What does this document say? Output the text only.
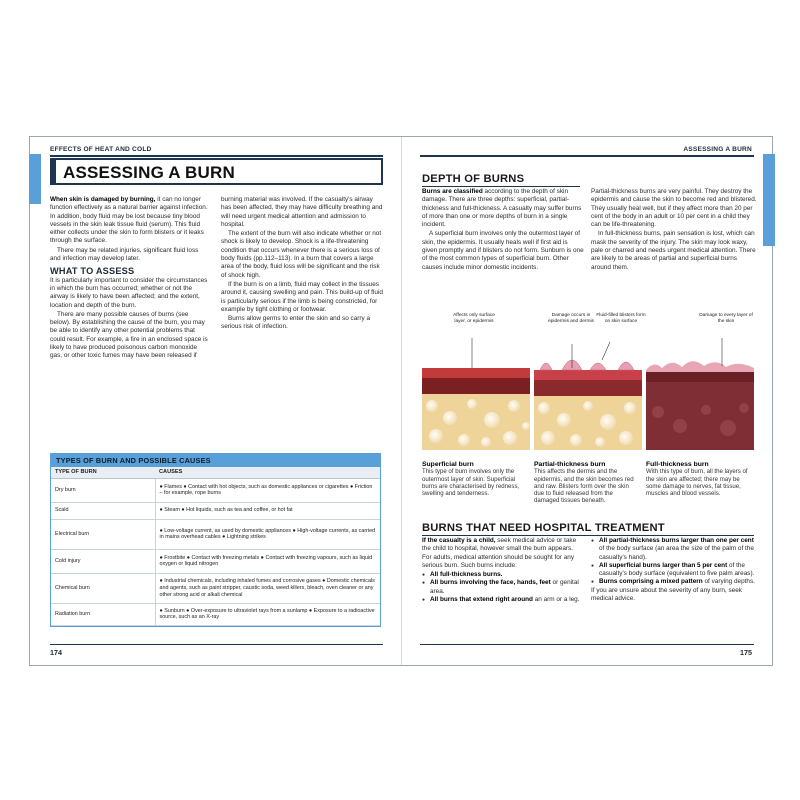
EFFECTS OF HEAT AND COLD
ASSESSING A BURN

When skin is damaged by burning, it can no longer function effectively as a natural barrier against infection. In addition, body fluid may be lost because tiny blood vessels in the skin leak tissue fluid (serum). This fluid either collects under the skin to form blisters or it leaks through the surface.

There may be related injuries, significant fluid loss and infection may develop later.

WHAT TO ASSESS

It is particularly important to consider the circumstances in which the burn has occurred; whether or not the airway is likely to have been affected; and the extent, location and depth of the burn.

There are many possible causes of burns (see below). By establishing the cause of the burn, you may be able to identify any other potential problems that could result. For example, a fire in an enclosed space is likely to have produced poisonous carbon monoxide gas, or other toxic fumes may have been released if

burning material was involved. If the casualty's airway has been affected, they may have difficulty breathing and will need urgent medical attention and admission to hospital.

The extent of the burn will also indicate whether or not shock is likely to develop. Shock is a life-threatening condition that occurs whenever there is a serious loss of body fluids (pp.112–113). In a burn that covers a large area of the body, fluid loss will be significant and the risk of shock high.

If the burn is on a limb, fluid may collect in the tissues around it, causing swelling and pain. This build-up of fluid is particularly serious if the limb is being constricted, for example by tight clothing or footwear.

Burns allow germs to enter the skin and so carry a serious risk of infection.

TYPES OF BURN AND POSSIBLE CAUSES
TYPE OF BURN	CAUSES
Dry burn	● Flames ● Contact with hot objects, such as domestic appliances or cigarettes ● Friction – for example, rope burns
Scald	● Steam ● Hot liquids, such as tea and coffee, or hot fat
Electrical burn	● Low-voltage current, as used by domestic appliances ● High-voltage currents, as carried in mains overhead cables ● Lightning strikes
Cold injury	● Frostbite ● Contact with freezing metals ● Contact with freezing vapours, such as liquid oxygen or liquid nitrogen
Chemical burn	● Industrial chemicals, including inhaled fumes and corrosive gases ● Domestic chemicals and agents, such as paint stripper, caustic soda, weed killers, bleach, oven cleaner or any other strong acid or alkali chemical
Radiation burn	● Sunburn ● Over-exposure to ultraviolet rays from a sunlamp ● Exposure to a radioactive source, such as an X-ray
174
ASSESSING A BURN
DEPTH OF BURNS

Burns are classified according to the depth of skin damage. There are three depths: superficial, partial-thickness and full-thickness. A casualty may suffer burns of more than one or more depths of burn in a single incident.

A superficial burn involves only the outermost layer of skin, the epidermis. It usually heals well if first aid is given promptly and if blisters do not form. Sunburn is one of the most common types of superficial burn. Other causes include minor domestic incidents.

Partial-thickness burns are very painful. They destroy the epidermis and cause the skin to become red and blistered. They usually heal well, but if they affect more than 20 per cent of the body in an adult or 10 per cent in a child they can be life-threatening.

In full-thickness burns, pain sensation is lost, which can mask the severity of the injury. The skin may look waxy, pale or charred and needs urgent medical attention. There are likely to be areas of partial and superficial burns around them.

Affects only surface layer, or epidermis
Damage occurs in epidermis and dermis
Fluid-filled blisters form on skin surface
Damage to every layer of the skin
Superficial burn
This type of burn involves only the outermost layer of skin. Superficial burns are characterised by redness, swelling and tenderness.
Partial-thickness burn
This affects the dermis and the epidermis, and the skin becomes red and raw. Blisters form over the skin due to fluid released from the damaged tissues beneath.
Full-thickness burn
With this type of burn, all the layers of the skin are affected; there may be some damage to nerves, fat tissue, muscles and blood vessels.
BURNS THAT NEED HOSPITAL TREATMENT

If the casualty is a child, seek medical advice or take the child to hospital, however small the burn appears. For adults, medical attention should be sought for any serious burn. Such burns include:

● All full-thickness burns.
● All burns involving the face, hands, feet or genital area.
● All burns that extend right around an arm or a leg.
● All partial-thickness burns larger than one per cent of the body surface (an area the size of the palm of the casualty's hand).
● All superficial burns larger than 5 per cent of the casualty's body surface (equivalent to five palm areas).
● Burns comprising a mixed pattern of varying depths.

If you are unsure about the severity of any burn, seek medical advice.

175
